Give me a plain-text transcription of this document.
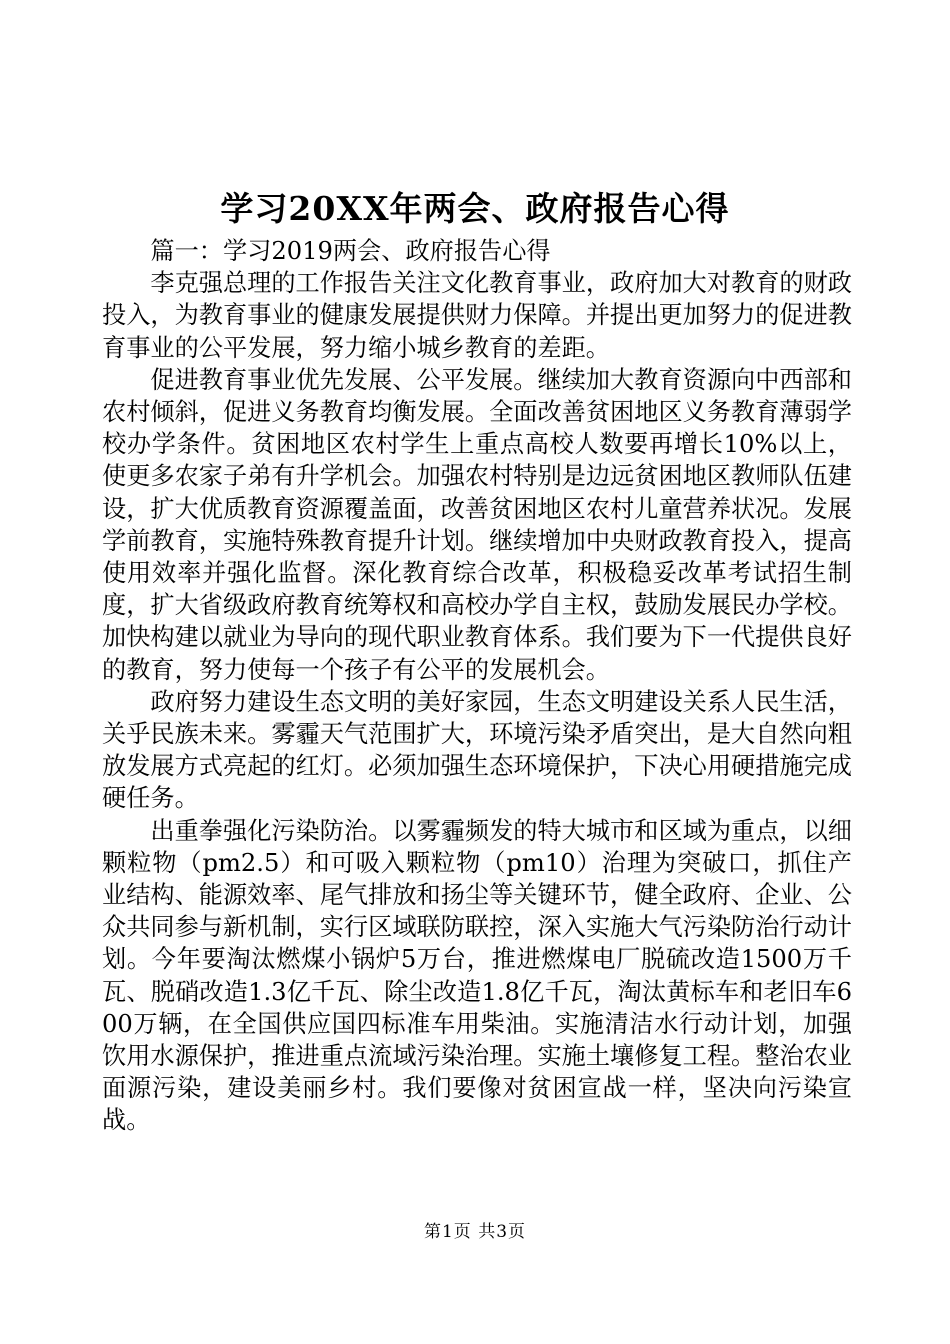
学习20XX年两会、政府报告心得

篇一：学习2019两会、政府报告心得

李克强总理的工作报告关注文化教育事业，政府加大对教育的财政投入，为教育事业的健康发展提供财力保障。并提出更加努力的促进教育事业的公平发展，努力缩小城乡教育的差距。

促进教育事业优先发展、公平发展。继续加大教育资源向中西部和农村倾斜，促进义务教育均衡发展。全面改善贫困地区义务教育薄弱学校办学条件。贫困地区农村学生上重点高校人数要再增长10%以上，使更多农家子弟有升学机会。加强农村特别是边远贫困地区教师队伍建设，扩大优质教育资源覆盖面，改善贫困地区农村儿童营养状况。发展学前教育，实施特殊教育提升计划。继续增加中央财政教育投入，提高使用效率并强化监督。深化教育综合改革，积极稳妥改革考试招生制度，扩大省级政府教育统筹权和高校办学自主权，鼓励发展民办学校。加快构建以就业为导向的现代职业教育体系。我们要为下一代提供良好的教育，努力使每一个孩子有公平的发展机会。

政府努力建设生态文明的美好家园，生态文明建设关系人民生活，关乎民族未来。雾霾天气范围扩大，环境污染矛盾突出，是大自然向粗放发展方式亮起的红灯。必须加强生态环境保护，下决心用硬措施完成硬任务。

出重拳强化污染防治。以雾霾频发的特大城市和区域为重点，以细颗粒物（pm2.5）和可吸入颗粒物（pm10）治理为突破口，抓住产业结构、能源效率、尾气排放和扬尘等关键环节，健全政府、企业、公众共同参与新机制，实行区域联防联控，深入实施大气污染防治行动计划。今年要淘汰燃煤小锅炉5万台，推进燃煤电厂脱硫改造1500万千瓦、脱硝改造1.3亿千瓦、除尘改造1.8亿千瓦，淘汰黄标车和老旧车600万辆，在全国供应国四标准车用柴油。实施清洁水行动计划，加强饮用水源保护，推进重点流域污染治理。实施土壤修复工程。整治农业面源污染，建设美丽乡村。我们要像对贫困宣战一样，坚决向污染宣战。

第1页 共3页
